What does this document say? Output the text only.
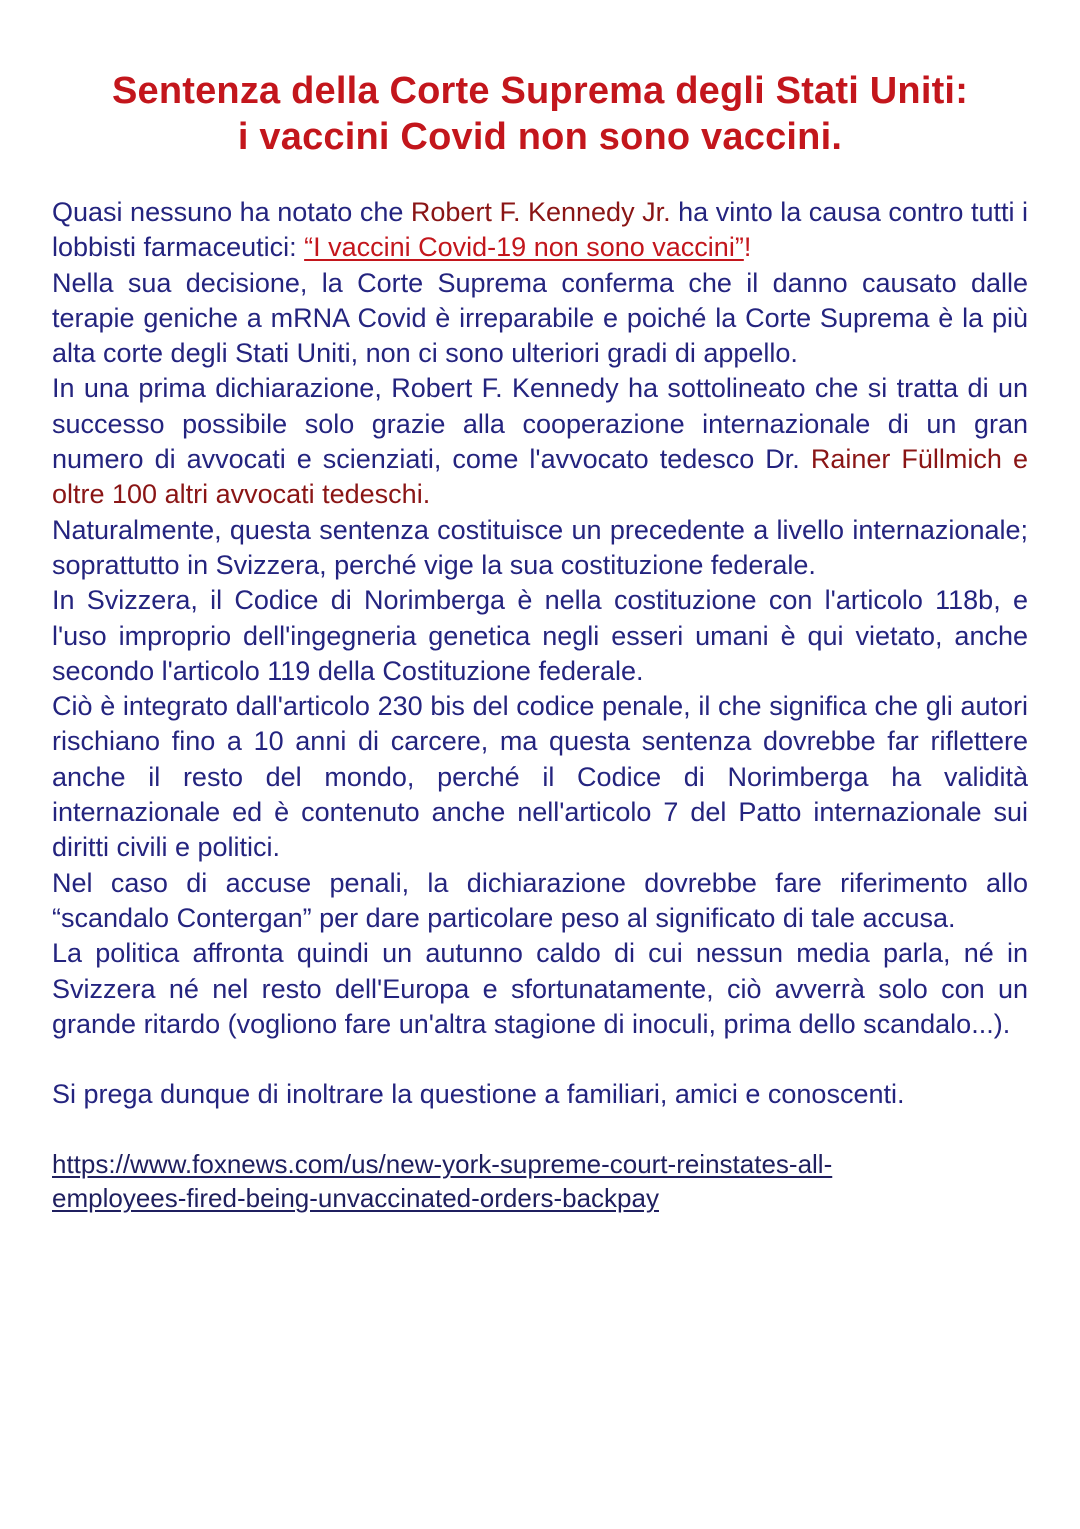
Sentenza della Corte Suprema degli Stati Uniti:
i vaccini Covid non sono vaccini.

Quasi nessuno ha notato che Robert F. Kennedy Jr. ha vinto la causa contro tutti i lobbisti farmaceutici: “I vaccini Covid-19 non sono vaccini”!

Nella sua decisione, la Corte Suprema conferma che il danno causato dalle terapie geniche a mRNA Covid è irreparabile e poiché la Corte Suprema è la più alta corte degli Stati Uniti, non ci sono ulteriori gradi di appello.

In una prima dichiarazione, Robert F. Kennedy ha sottolineato che si tratta di un successo possibile solo grazie alla cooperazione internazionale di un gran numero di avvocati e scienziati, come l'avvocato tedesco Dr. Rainer Füllmich e oltre 100 altri avvocati tedeschi.

Naturalmente, questa sentenza costituisce un precedente a livello internazionale; soprattutto in Svizzera, perché vige la sua costituzione federale.

In Svizzera, il Codice di Norimberga è nella costituzione con l'articolo 118b, e l'uso improprio dell'ingegneria genetica negli esseri umani è qui vietato, anche secondo l'articolo 119 della Costituzione federale.

Ciò è integrato dall'articolo 230 bis del codice penale, il che significa che gli autori rischiano fino a 10 anni di carcere, ma questa sentenza dovrebbe far riflettere anche il resto del mondo, perché il Codice di Norimberga ha validità internazionale ed è contenuto anche nell'articolo 7 del Patto internazionale sui diritti civili e politici.

Nel caso di accuse penali, la dichiarazione dovrebbe fare riferimento allo “scandalo Contergan” per dare particolare peso al significato di tale accusa.

La politica affronta quindi un autunno caldo di cui nessun media parla, né in Svizzera né nel resto dell'Europa e sfortunatamente, ciò avverrà solo con un grande ritardo (vogliono fare un'altra stagione di inoculi, prima dello scandalo...).

Si prega dunque di inoltrare la questione a familiari, amici e conoscenti.

https://www.foxnews.com/us/new-york-supreme-court-reinstates-all-
employees-fired-being-unvaccinated-orders-backpay
